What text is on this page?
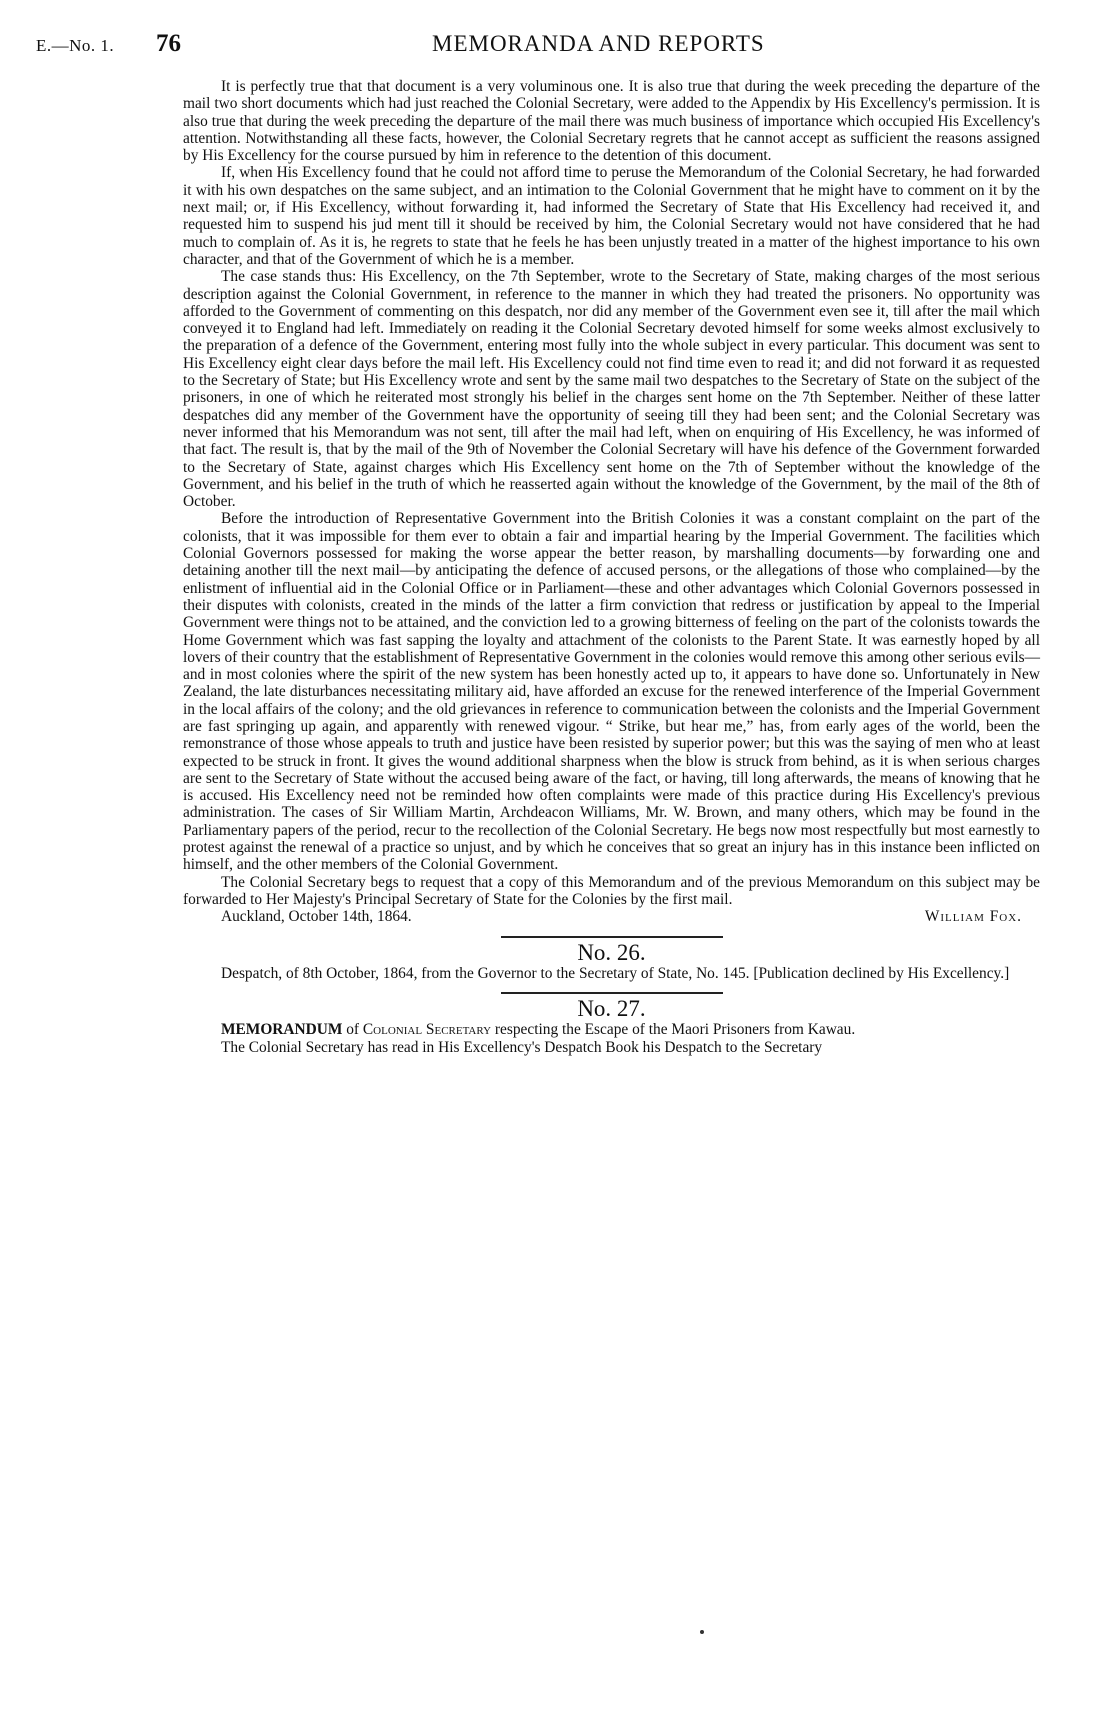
E.—No. 1. 76	MEMORANDA AND REPORTS

It is perfectly true that that document is a very voluminous one. It is also true that during the week preceding the departure of the mail two short documents which had just reached the Colonial Secretary, were added to the Appendix by His Excellency's permission. It is also true that during the week preceding the departure of the mail there was much business of importance which occupied His Excellency's attention. Notwithstanding all these facts, however, the Colonial Secretary regrets that he cannot accept as sufficient the reasons assigned by His Excellency for the course pursued by him in reference to the detention of this document.

If, when His Excellency found that he could not afford time to peruse the Memorandum of the Colonial Secretary, he had forwarded it with his own despatches on the same subject, and an intimation to the Colonial Government that he might have to comment on it by the next mail; or, if His Excellency, without forwarding it, had informed the Secretary of State that His Excellency had received it, and requested him to suspend his jud ment till it should be received by him, the Colonial Secretary would not have considered that he had much to complain of. As it is, he regrets to state that he feels he has been unjustly treated in a matter of the highest importance to his own character, and that of the Government of which he is a member.

The case stands thus: His Excellency, on the 7th September, wrote to the Secretary of State, making charges of the most serious description against the Colonial Government, in reference to the manner in which they had treated the prisoners. No opportunity was afforded to the Government of commenting on this despatch, nor did any member of the Government even see it, till after the mail which conveyed it to England had left. Immediately on reading it the Colonial Secretary devoted himself for some weeks almost exclusively to the preparation of a defence of the Government, entering most fully into the whole subject in every particular. This document was sent to His Excellency eight clear days before the mail left. His Excellency could not find time even to read it; and did not forward it as requested to the Secretary of State; but His Excellency wrote and sent by the same mail two despatches to the Secretary of State on the subject of the prisoners, in one of which he reiterated most strongly his belief in the charges sent home on the 7th September. Neither of these latter despatches did any member of the Government have the opportunity of seeing till they had been sent; and the Colonial Secretary was never informed that his Memorandum was not sent, till after the mail had left, when on enquiring of His Excellency, he was informed of that fact. The result is, that by the mail of the 9th of November the Colonial Secretary will have his defence of the Government forwarded to the Secretary of State, against charges which His Excellency sent home on the 7th of September without the knowledge of the Government, and his belief in the truth of which he reasserted again without the knowledge of the Government, by the mail of the 8th of October.

Before the introduction of Representative Government into the British Colonies it was a constant complaint on the part of the colonists, that it was impossible for them ever to obtain a fair and impartial hearing by the Imperial Government. The facilities which Colonial Governors possessed for making the worse appear the better reason, by marshalling documents—by forwarding one and detaining another till the next mail—by anticipating the defence of accused persons, or the allegations of those who complained—by the enlistment of influential aid in the Colonial Office or in Parliament—these and other advantages which Colonial Governors possessed in their disputes with colonists, created in the minds of the latter a firm conviction that redress or justification by appeal to the Imperial Government were things not to be attained, and the conviction led to a growing bitterness of feeling on the part of the colonists towards the Home Government which was fast sapping the loyalty and attachment of the colonists to the Parent State. It was earnestly hoped by all lovers of their country that the establishment of Representative Government in the colonies would remove this among other serious evils—and in most colonies where the spirit of the new system has been honestly acted up to, it appears to have done so. Unfortunately in New Zealand, the late disturbances necessitating military aid, have afforded an excuse for the renewed interference of the Imperial Government in the local affairs of the colony; and the old grievances in reference to communication between the colonists and the Imperial Government are fast springing up again, and apparently with renewed vigour. “ Strike, but hear me,” has, from early ages of the world, been the remonstrance of those whose appeals to truth and justice have been resisted by superior power; but this was the saying of men who at least expected to be struck in front. It gives the wound additional sharpness when the blow is struck from behind, as it is when serious charges are sent to the Secretary of State without the accused being aware of the fact, or having, till long afterwards, the means of knowing that he is accused. His Excellency need not be reminded how often complaints were made of this practice during His Excellency's previous administration. The cases of Sir William Martin, Archdeacon Williams, Mr. W. Brown, and many others, which may be found in the Parliamentary papers of the period, recur to the recollection of the Colonial Secretary. He begs now most respectfully but most earnestly to protest against the renewal of a practice so unjust, and by which he conceives that so great an injury has in this instance been inflicted on himself, and the other members of the Colonial Government.

The Colonial Secretary begs to request that a copy of this Memorandum and of the previous Memorandum on this subject may be forwarded to Her Majesty's Principal Secretary of State for the Colonies by the first mail.

Auckland, October 14th, 1864.	William Fox.
No. 26.

Despatch, of 8th October, 1864, from the Governor to the Secretary of State, No. 145. [Publication declined by His Excellency.]

No. 27.

MEMORANDUM of Colonial Secretary respecting the Escape of the Maori Prisoners from Kawau.

The Colonial Secretary has read in His Excellency's Despatch Book his Despatch to the Secretary
